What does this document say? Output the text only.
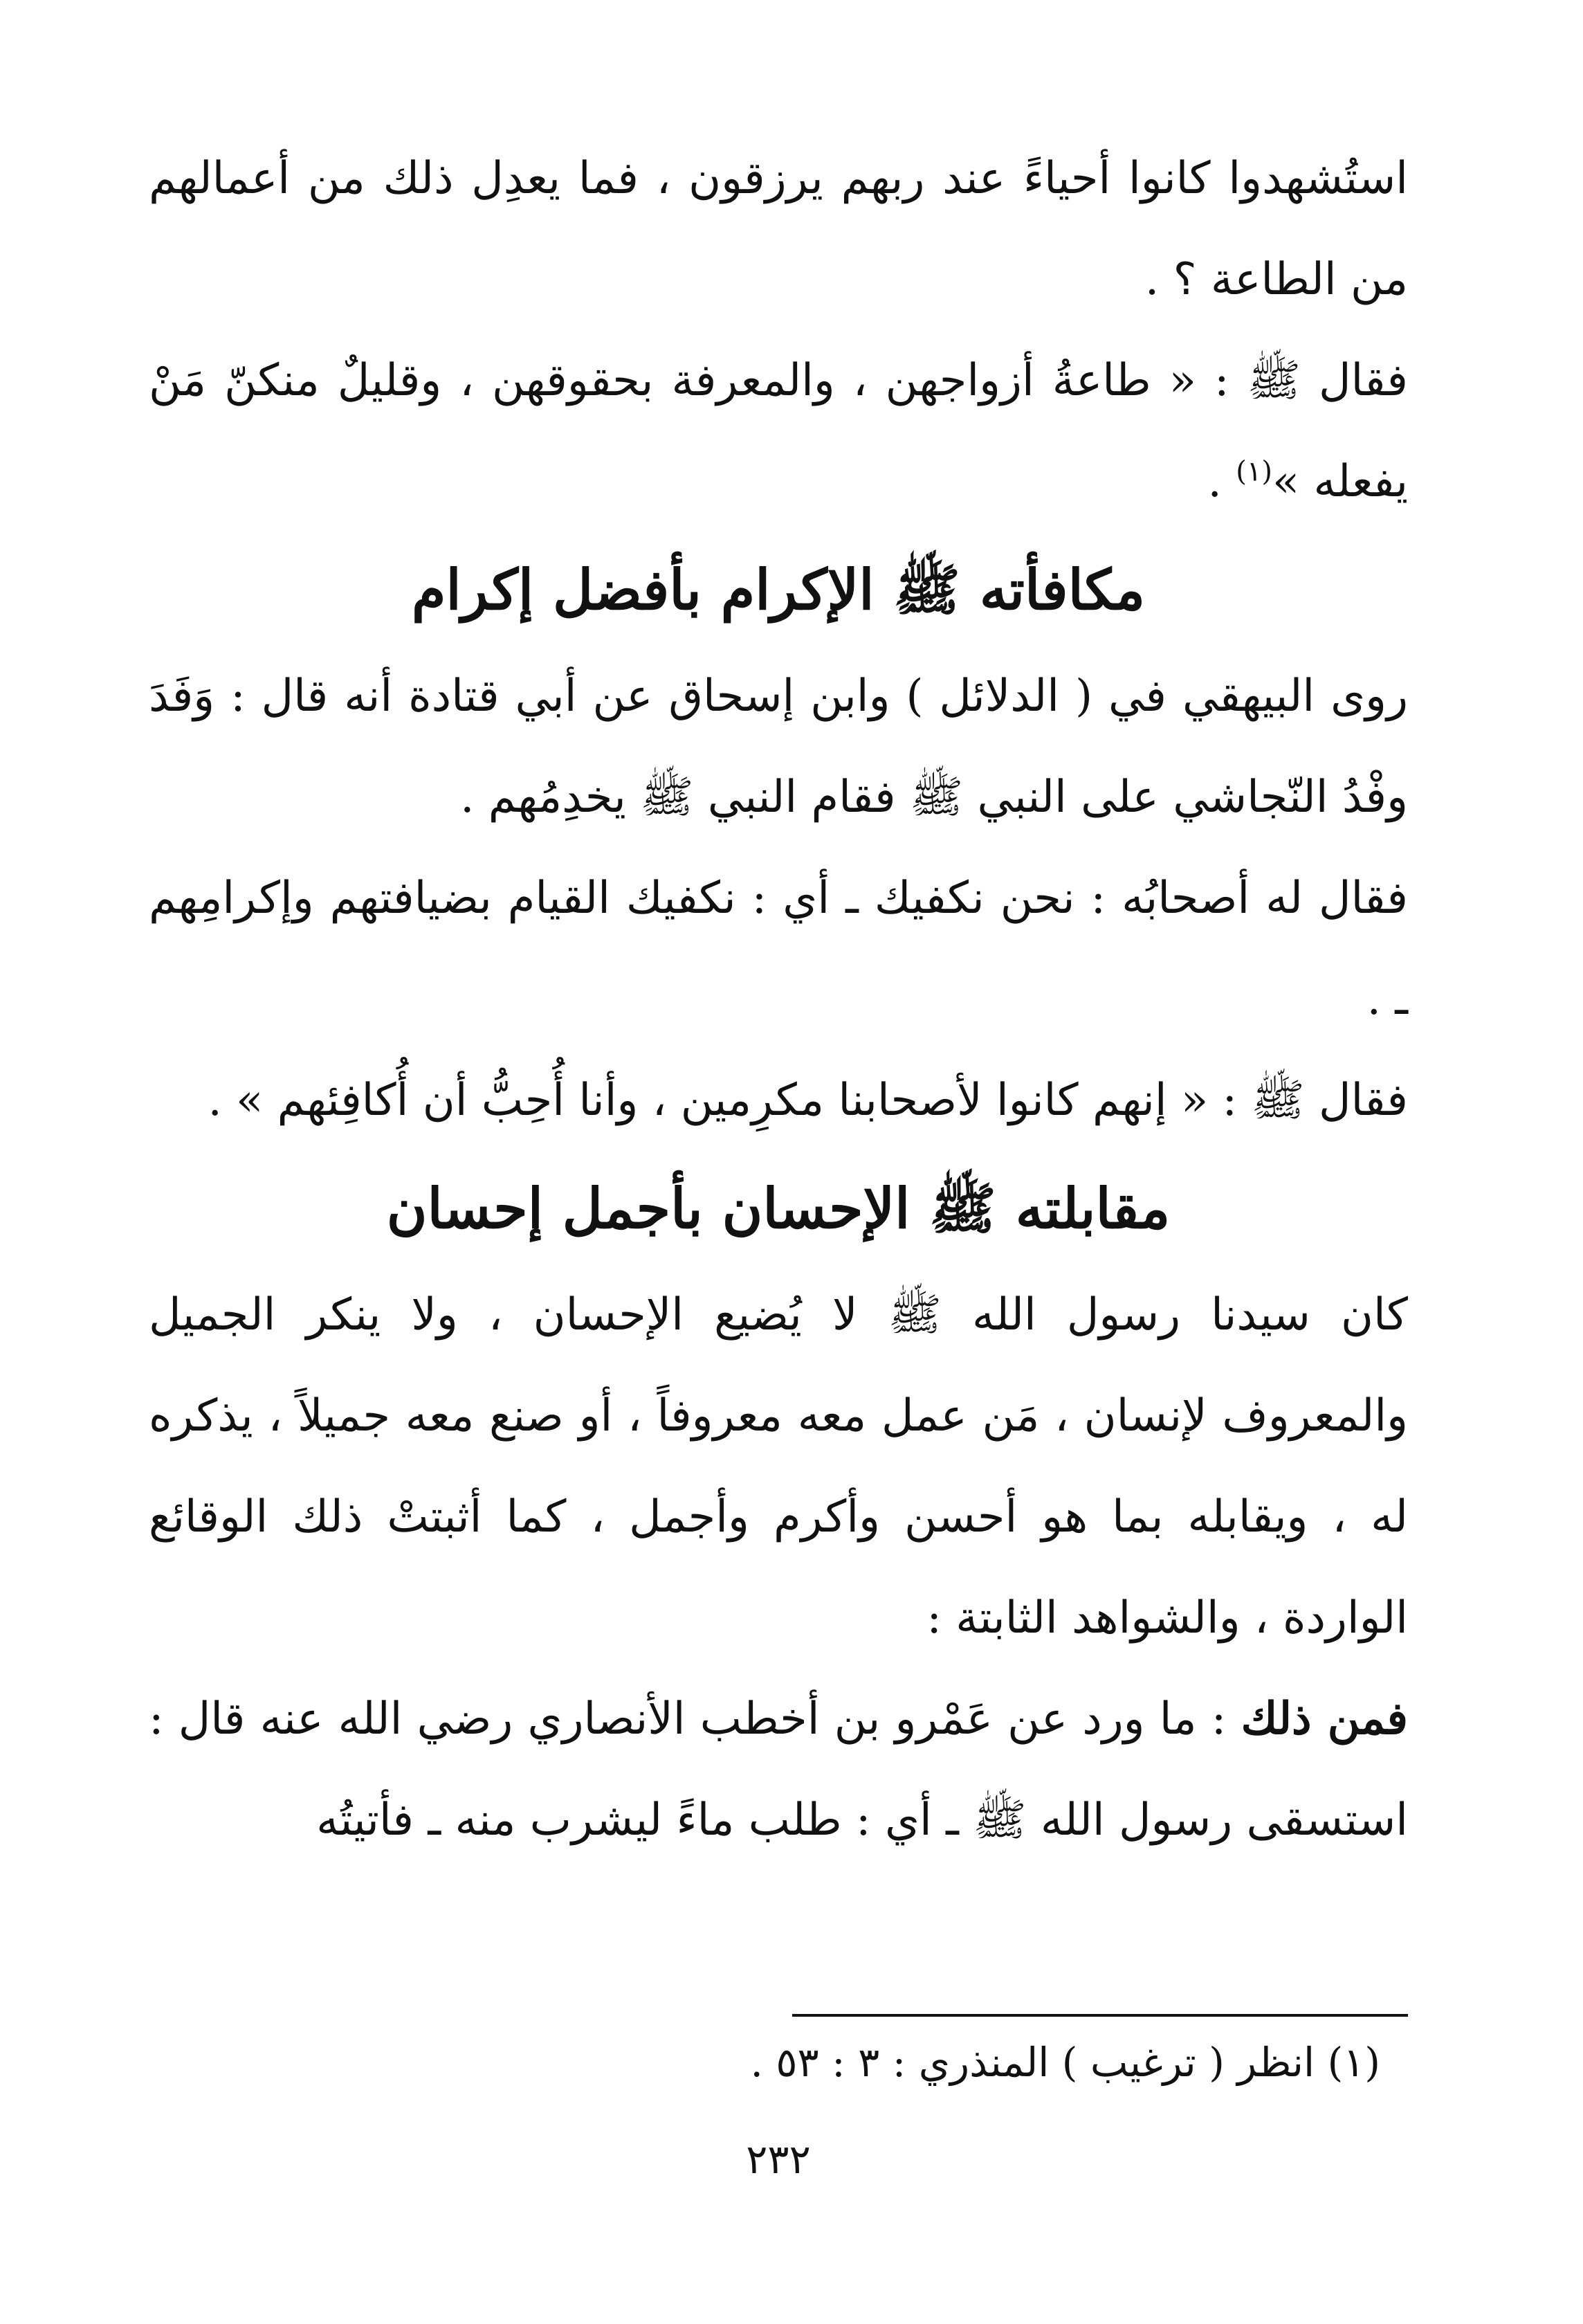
استُشهدوا كانوا أحياءً عند ربهم يرزقون ، فما يعدِل ذلك من أعمالهم من الطاعة ؟ .

فقال ﷺ : « طاعةُ أزواجهن ، والمعرفة بحقوقهن ، وقليلٌ منكنّ مَنْ يفعله »$^{(١)}$ .

مكافأته ﷺ الإكرام بأفضل إكرام

روى البيهقي في ( الدلائل ) وابن إسحاق عن أبي قتادة أنه قال : وَفَدَ وفْدُ النّجاشي على النبي ﷺ فقام النبي ﷺ يخدِمُهم .

فقال له أصحابُه : نحن نكفيك ـ أي : نكفيك القيام بضيافتهم وإكرامِهم ـ .

فقال ﷺ : « إنهم كانوا لأصحابنا مكرِمين ، وأنا أُحِبُّ أن أُكافِئهم » .

مقابلته ﷺ الإحسان بأجمل إحسان

كان سيدنا رسول الله ﷺ لا يُضيع الإحسان ، ولا ينكر الجميل والمعروف لإنسان ، مَن عمل معه معروفاً ، أو صنع معه جميلاً ، يذكره له ، ويقابله بما هو أحسن وأكرم وأجمل ، كما أثبتتْ ذلك الوقائع الواردة ، والشواهد الثابتة :

فمن ذلك : ما ورد عن عَمْرو بن أخطب الأنصاري رضي الله عنه قال : استسقى رسول الله ﷺ ـ أي : طلب ماءً ليشرب منه ـ فأتيتُه

(١) انظر ( ترغيب ) المنذري : ٣ : ٥٣ .

٢٣٢
